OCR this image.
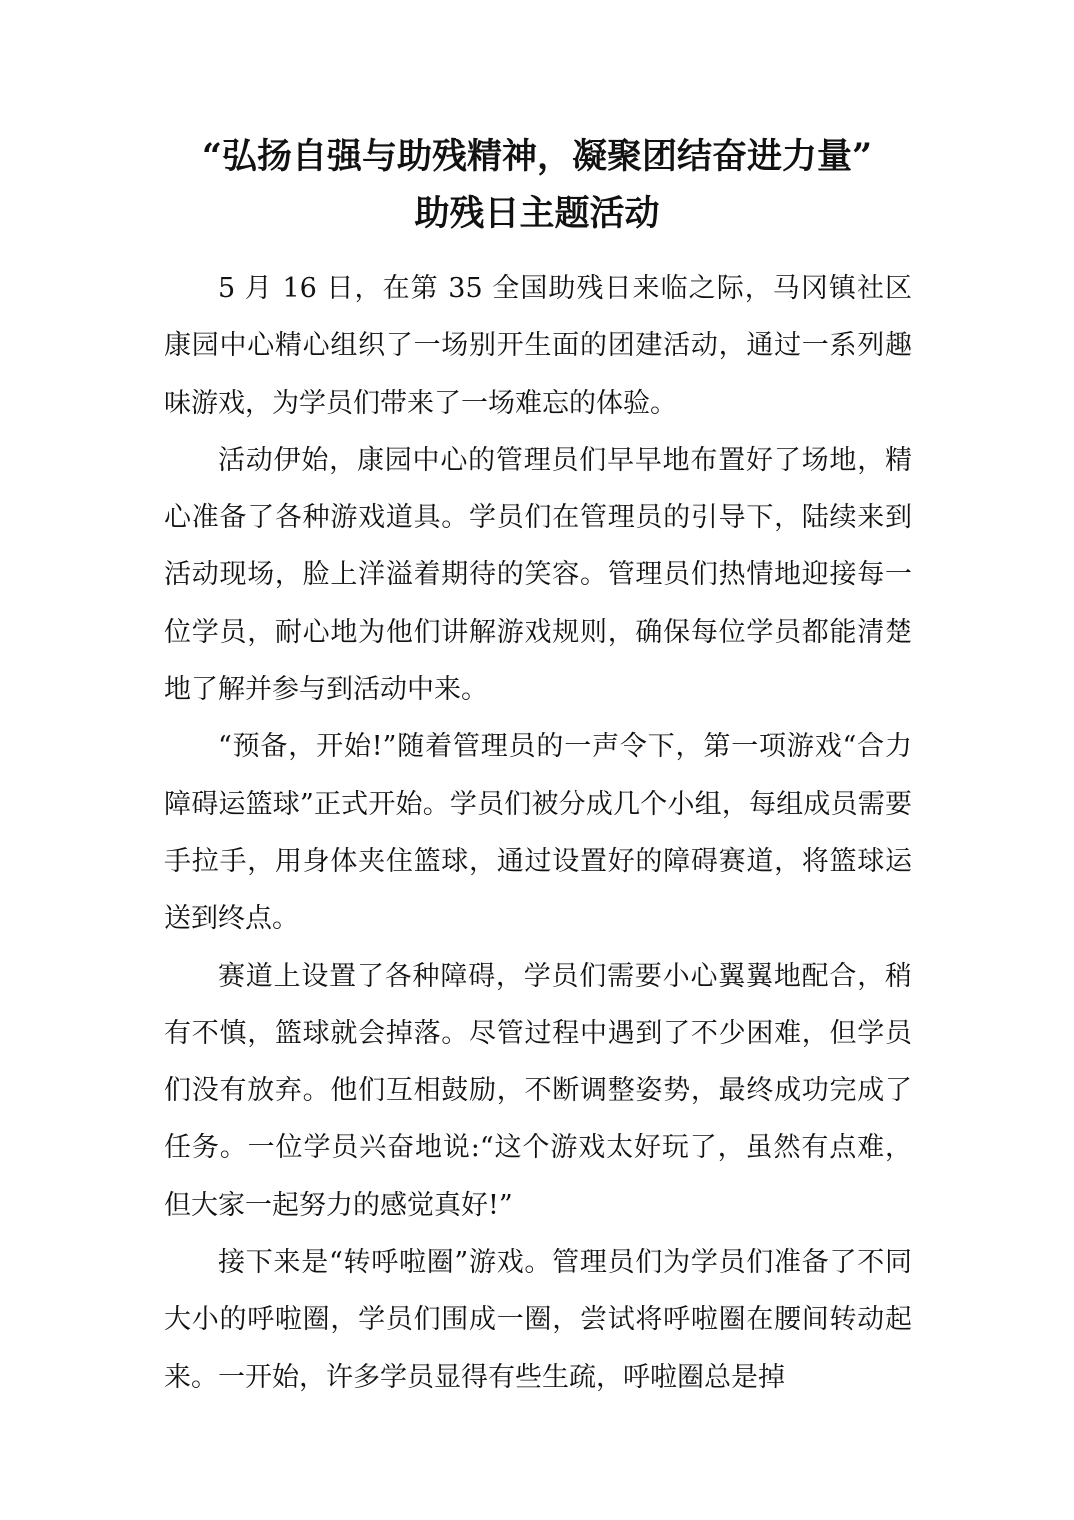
“弘扬自强与助残精神，凝聚团结奋进力量”
助残日主题活动

5 月 16 日，在第 35 全国助残日来临之际，马冈镇社区康园中心精心组织了一场别开生面的团建活动，通过一系列趣味游戏，为学员们带来了一场难忘的体验。

活动伊始，康园中心的管理员们早早地布置好了场地，精心准备了各种游戏道具。学员们在管理员的引导下，陆续来到活动现场，脸上洋溢着期待的笑容。管理员们热情地迎接每一位学员，耐心地为他们讲解游戏规则，确保每位学员都能清楚地了解并参与到活动中来。

“预备，开始!”随着管理员的一声令下，第一项游戏“合力障碍运篮球”正式开始。学员们被分成几个小组，每组成员需要手拉手，用身体夹住篮球，通过设置好的障碍赛道，将篮球运送到终点。

赛道上设置了各种障碍，学员们需要小心翼翼地配合，稍有不慎，篮球就会掉落。尽管过程中遇到了不少困难，但学员们没有放弃。他们互相鼓励，不断调整姿势，最终成功完成了任务。一位学员兴奋地说:“这个游戏太好玩了，虽然有点难，但大家一起努力的感觉真好!”

接下来是“转呼啦圈”游戏。管理员们为学员们准备了不同大小的呼啦圈，学员们围成一圈，尝试将呼啦圈在腰间转动起来。一开始，许多学员显得有些生疏，呼啦圈总是掉
